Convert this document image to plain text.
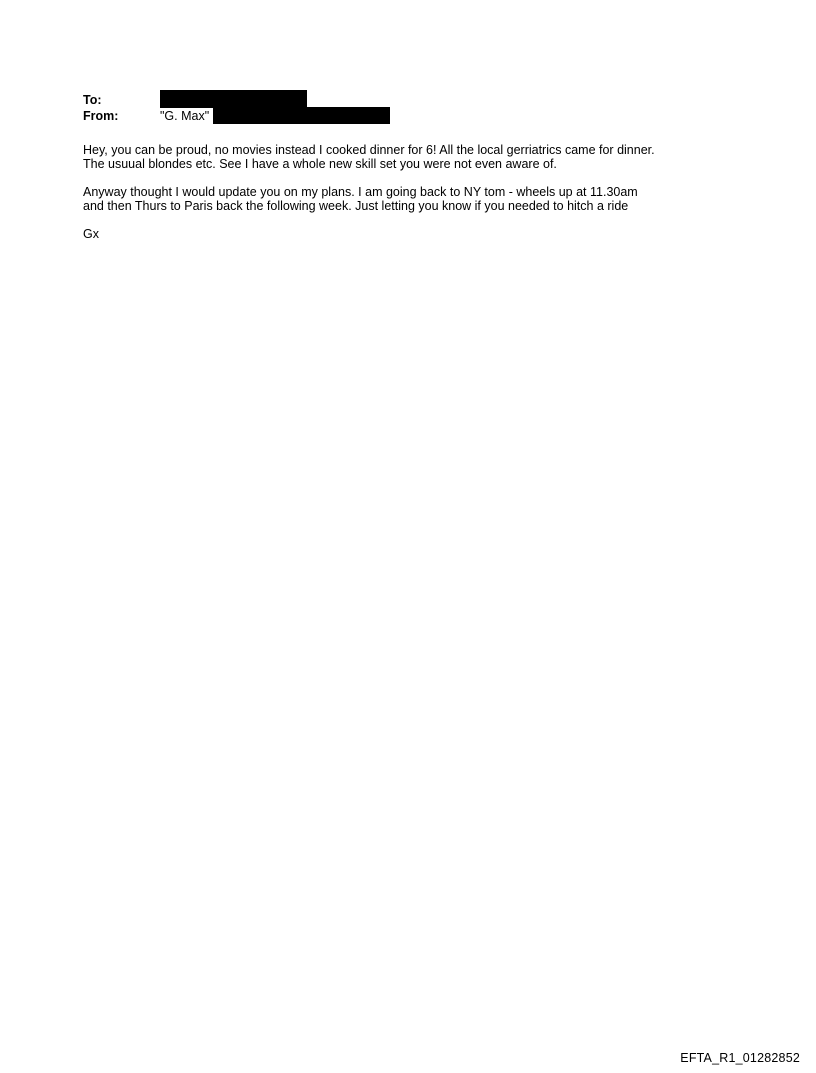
To:
From:	"G. Max"

Hey, you can be proud, no movies instead I cooked dinner for 6! All the local gerriatrics came for dinner.
The usuual blondes etc. See I have a whole new skill set you were not even aware of.

Anyway thought I would update you on my plans. I am going back to NY tom - wheels up at 11.30am
and then Thurs to Paris back the following week. Just letting you know if you needed to hitch a ride

Gx

EFTA_R1_01282852
